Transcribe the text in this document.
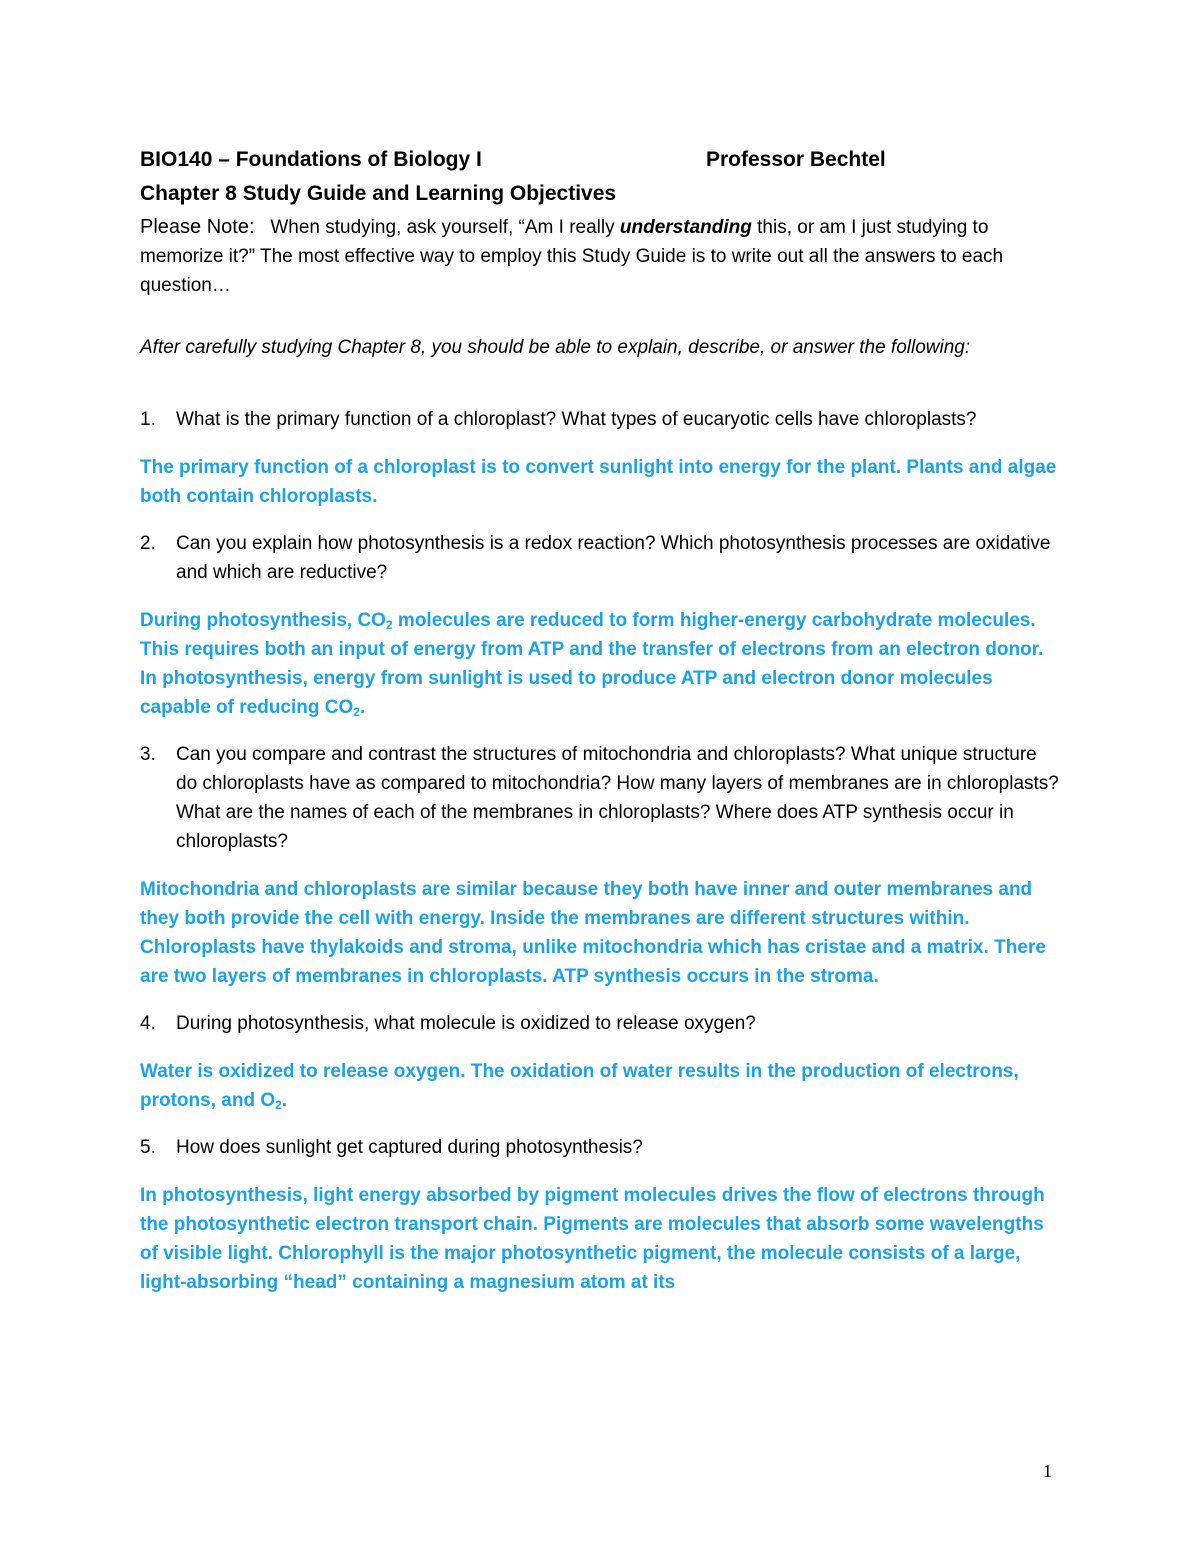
BIO140 – Foundations of Biology I	Professor Bechtel
Chapter 8 Study Guide and Learning Objectives
Please Note: When studying, ask yourself, “Am I really understanding this, or am I just studying to memorize it?” The most effective way to employ this Study Guide is to write out all the answers to each question…
After carefully studying Chapter 8, you should be able to explain, describe, or answer the following:
1. What is the primary function of a chloroplast? What types of eucaryotic cells have chloroplasts?
The primary function of a chloroplast is to convert sunlight into energy for the plant. Plants and algae both contain chloroplasts.
2. Can you explain how photosynthesis is a redox reaction? Which photosynthesis processes are oxidative and which are reductive?
During photosynthesis, $CO_2$ molecules are reduced to form higher-energy carbohydrate molecules. This requires both an input of energy from ATP and the transfer of electrons from an electron donor. In photosynthesis, energy from sunlight is used to produce ATP and electron donor molecules capable of reducing $CO_2$.
3. Can you compare and contrast the structures of mitochondria and chloroplasts? What unique structure do chloroplasts have as compared to mitochondria? How many layers of membranes are in chloroplasts? What are the names of each of the membranes in chloroplasts? Where does ATP synthesis occur in chloroplasts?
Mitochondria and chloroplasts are similar because they both have inner and outer membranes and they both provide the cell with energy. Inside the membranes are different structures within. Chloroplasts have thylakoids and stroma, unlike mitochondria which has cristae and a matrix. There are two layers of membranes in chloroplasts. ATP synthesis occurs in the stroma.
4. During photosynthesis, what molecule is oxidized to release oxygen?
Water is oxidized to release oxygen. The oxidation of water results in the production of electrons, protons, and $O_2$.
5. How does sunlight get captured during photosynthesis?
In photosynthesis, light energy absorbed by pigment molecules drives the flow of electrons through the photosynthetic electron transport chain. Pigments are molecules that absorb some wavelengths of visible light. Chlorophyll is the major photosynthetic pigment, the molecule consists of a large, light-absorbing “head” containing a magnesium atom at its
1
